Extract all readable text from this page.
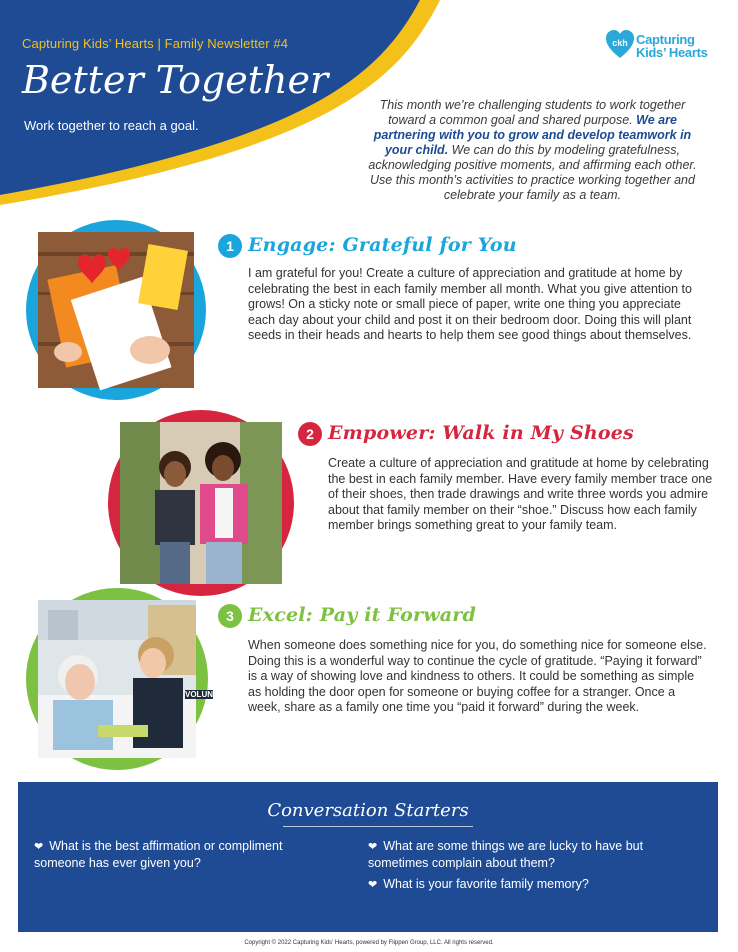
Capturing Kids’ Hearts | Family Newsletter #4
Better Together
Work together to reach a goal.
ckh Capturing
Kids’ Hearts
This month we’re challenging students to work together toward a common goal and shared purpose. We are partnering with you to grow and develop teamwork in your child. We can do this by modeling gratefulness, acknowledging positive moments, and affirming each other. Use this month’s activities to practice working together and celebrate your family as a team.
1 Engage: Grateful for You
I am grateful for you! Create a culture of appreciation and gratitude at home by celebrating the best in each family member all month. What you give attention to grows! On a sticky note or small piece of paper, write one thing you appreciate each day about your child and post it on their bedroom door. Doing this will plant seeds in their heads and hearts to help them see good things about themselves.
2 Empower: Walk in My Shoes
Create a culture of appreciation and gratitude at home by celebrating the best in each family member. Have every family member trace one of their shoes, then trade drawings and write three words you admire about that family member on their “shoe.” Discuss how each family member brings something great to your family team.
VOLUN
3 Excel: Pay it Forward
When someone does something nice for you, do something nice for someone else. Doing this is a wonderful way to continue the cycle of gratitude. “Paying it forward” is a way of showing love and kindness to others. It could be something as simple as holding the door open for someone or buying coffee for a stranger. Once a week, share as a family one time you “paid it forward” during the week.
Conversation Starters
❤ What is the best affirmation or compliment someone has ever given you?
❤ What are some things we are lucky to have but sometimes complain about them?
❤ What is your favorite family memory?
Copyright © 2022 Capturing Kids’ Hearts, powered by Flippen Group, LLC. All rights reserved.
